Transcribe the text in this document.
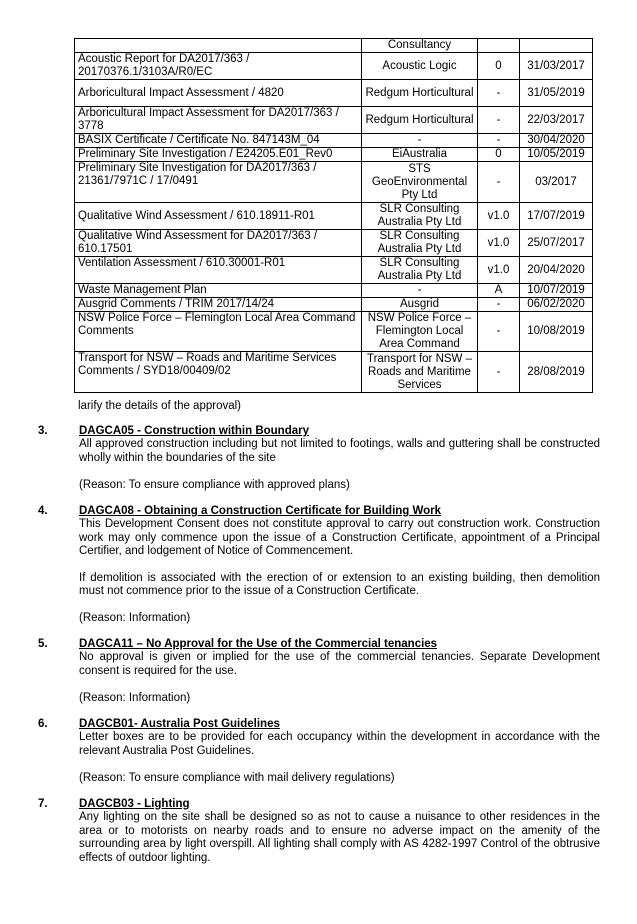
	Consultancy		
Acoustic Report for DA2017/363 / 20170376.1/3103A/R0/EC	Acoustic Logic	0	31/03/2017
Arboricultural Impact Assessment / 4820	Redgum Horticultural	-	31/05/2019
Arboricultural Impact Assessment for DA2017/363 / 3778	Redgum Horticultural	-	22/03/2017
BASIX Certificate / Certificate No. 847143M_04	-	-	30/04/2020
Preliminary Site Investigation / E24205.E01_Rev0	EiAustralia	0	10/05/2019
Preliminary Site Investigation for DA2017/363 / 21361/7971C / 17/0491	STS GeoEnvironmental Pty Ltd	-	03/2017
Qualitative Wind Assessment / 610.18911-R01	SLR Consulting Australia Pty Ltd	v1.0	17/07/2019
Qualitative Wind Assessment for DA2017/363 / 610.17501	SLR Consulting Australia Pty Ltd	v1.0	25/07/2017
Ventilation Assessment / 610.30001-R01	SLR Consulting Australia Pty Ltd	v1.0	20/04/2020
Waste Management Plan	-	A	10/07/2019
Ausgrid Comments / TRIM 2017/14/24	Ausgrid	-	06/02/2020
NSW Police Force – Flemington Local Area Command Comments	NSW Police Force – Flemington Local Area Command	-	10/08/2019
Transport for NSW – Roads and Maritime Services Comments / SYD18/00409/02	Transport for NSW – Roads and Maritime Services	-	28/08/2019
larify the details of the approval)
3.	DAGCA05 - Construction within Boundary

All approved construction including but not limited to footings, walls and guttering shall be constructed wholly within the boundaries of the site

(Reason: To ensure compliance with approved plans)

4.	DAGCA08 - Obtaining a Construction Certificate for Building Work

This Development Consent does not constitute approval to carry out construction work. Construction work may only commence upon the issue of a Construction Certificate, appointment of a Principal Certifier, and lodgement of Notice of Commencement.

If demolition is associated with the erection of or extension to an existing building, then demolition must not commence prior to the issue of a Construction Certificate.

(Reason: Information)

5.	DAGCA11 – No Approval for the Use of the Commercial tenancies

No approval is given or implied for the use of the commercial tenancies. Separate Development consent is required for the use.

(Reason: Information)

6.	DAGCB01- Australia Post Guidelines

Letter boxes are to be provided for each occupancy within the development in accordance with the relevant Australia Post Guidelines.

(Reason: To ensure compliance with mail delivery regulations)

7.	DAGCB03 - Lighting

Any lighting on the site shall be designed so as not to cause a nuisance to other residences in the area or to motorists on nearby roads and to ensure no adverse impact on the amenity of the surrounding area by light overspill. All lighting shall comply with AS 4282-1997 Control of the obtrusive effects of outdoor lighting.
